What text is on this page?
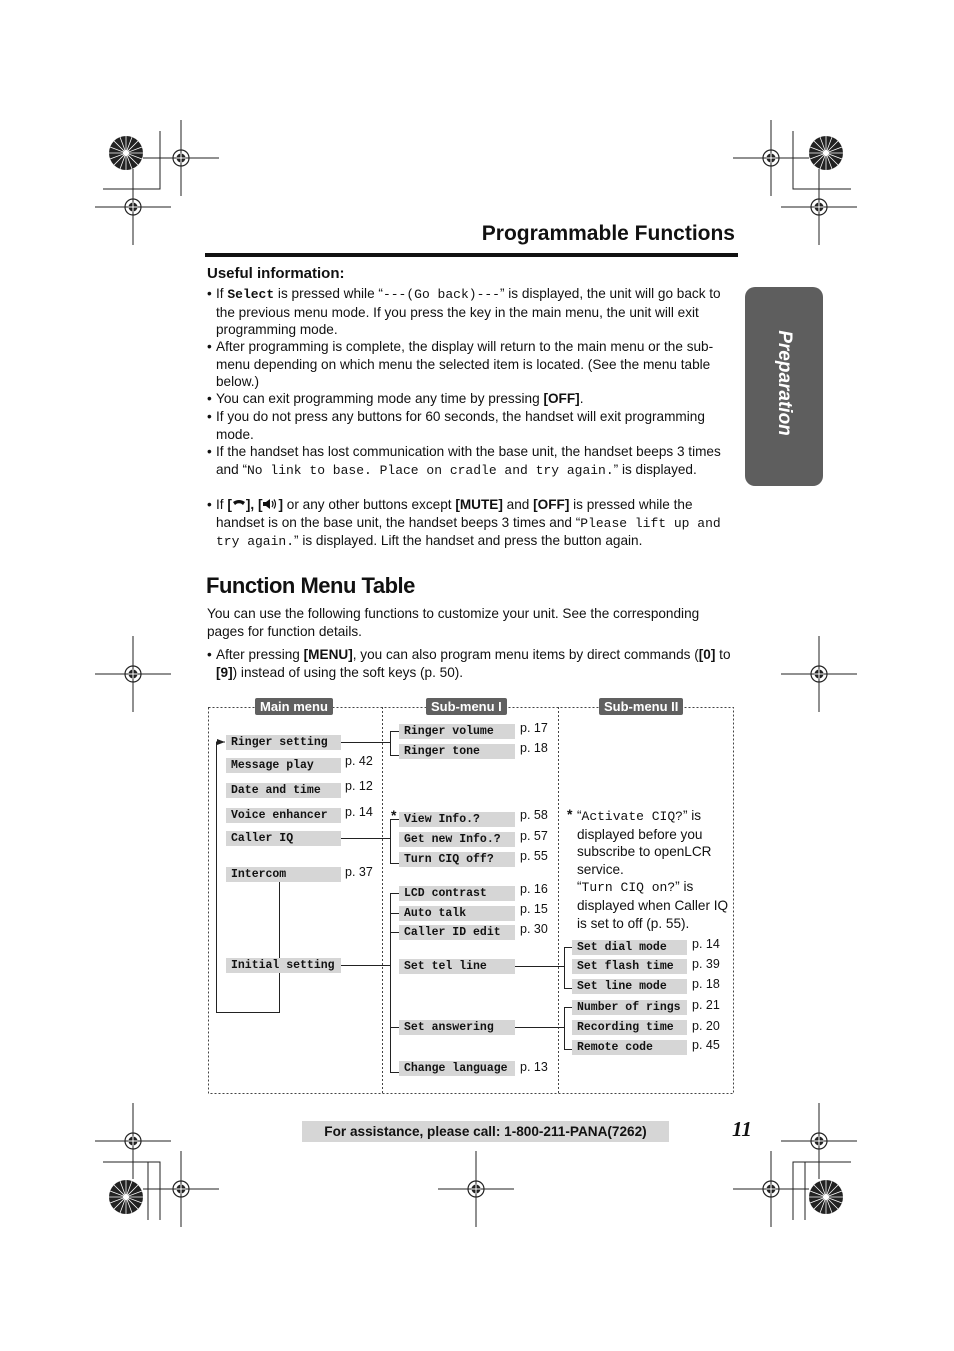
Programmable Functions
Preparation
Useful information:
• If Select is pressed while “---(Go back)---” is displayed, the unit will go back to the previous menu mode. If you press the key in the main menu, the unit will exit programming mode.
• After programming is complete, the display will return to the main menu or the sub-menu depending on which menu the selected item is located. (See the menu table below.)
• You can exit programming mode any time by pressing [OFF].
• If you do not press any buttons for 60 seconds, the handset will exit programming mode.
• If the handset has lost communication with the base unit, the handset beeps 3 times and “No link to base. Place on cradle and try again.” is displayed.
• If [ ], [ ] or any other buttons except [MUTE] and [OFF] is pressed while the handset is on the base unit, the handset beeps 3 times and “Please lift up and try again.” is displayed. Lift the handset and press the button again.
Function Menu Table
You can use the following functions to customize your unit. See the corresponding pages for function details.
• After pressing [MENU], you can also program menu items by direct commands ([0] to [9]) instead of using the soft keys (p. 50).
Main menu	Sub-menu I	Sub-menu II
Ringer setting
Message play	p. 42
Date and time	p. 12
Voice enhancer	p. 14
Caller IQ
Intercom	p. 37
Initial setting
Ringer volume	p. 17
Ringer tone	p. 18
* View Info.?	p. 58
Get new Info.?	p. 57
Turn CIQ off?	p. 55
LCD contrast	p. 16
Auto talk	p. 15
Caller ID edit	p. 30
Set tel line
Set answering
Change language p. 13
* “Activate CIQ?” is displayed before you subscribe to openLCR service.
“Turn CIQ on?” is displayed when Caller IQ is set to off (p. 55).
Set dial mode	p. 14
Set flash time	p. 39
Set line mode	p. 18
Number of rings p. 21
Recording time	p. 20
Remote code	p. 45
For assistance, please call: 1-800-211-PANA(7262)	11
